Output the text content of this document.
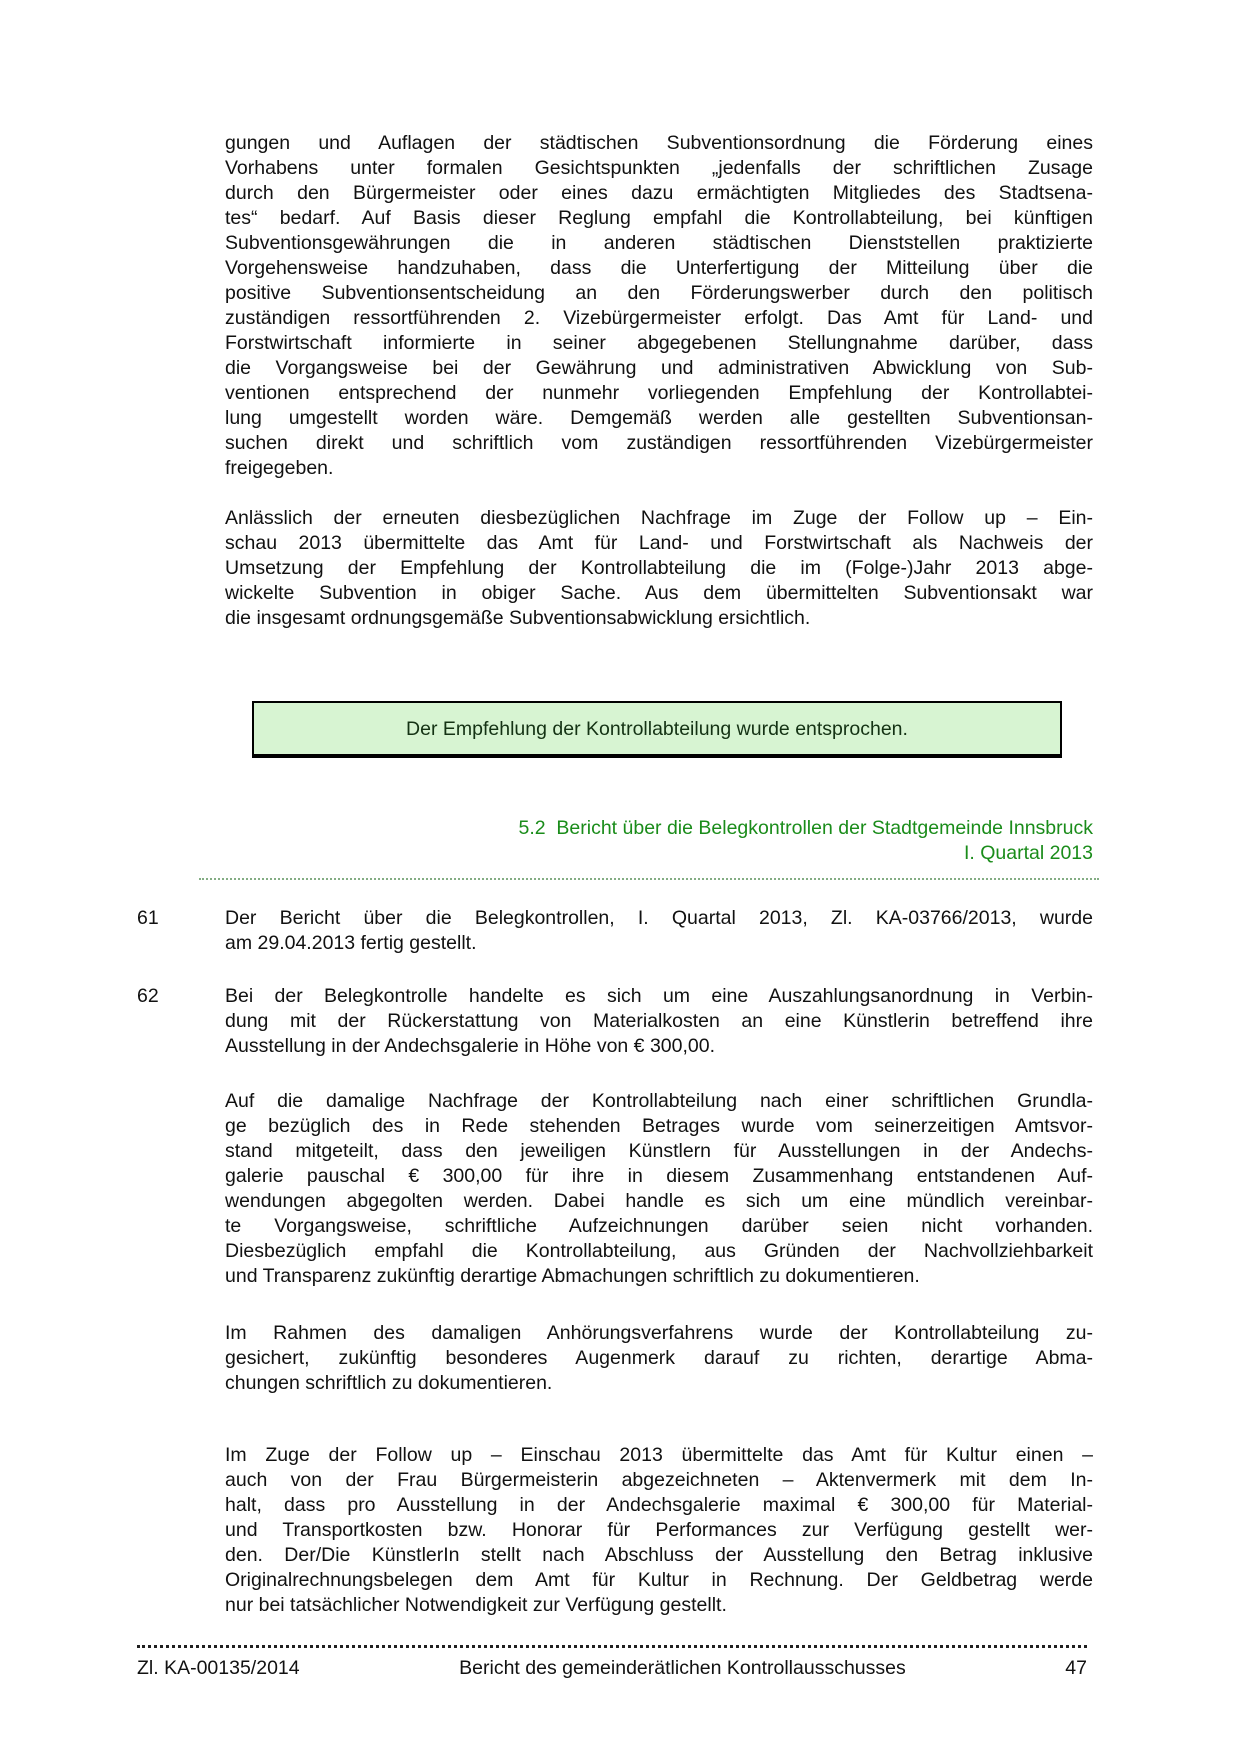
gungen und Auflagen der städtischen Subventionsordnung die Förderung eines
Vorhabens unter formalen Gesichtspunkten „jedenfalls der schriftlichen Zusage
durch den Bürgermeister oder eines dazu ermächtigten Mitgliedes des Stadtsena-
tes“ bedarf. Auf Basis dieser Reglung empfahl die Kontrollabteilung, bei künftigen
Subventionsgewährungen die in anderen städtischen Dienststellen praktizierte
Vorgehensweise handzuhaben, dass die Unterfertigung der Mitteilung über die
positive Subventionsentscheidung an den Förderungswerber durch den politisch
zuständigen ressortführenden 2. Vizebürgermeister erfolgt. Das Amt für Land- und
Forstwirtschaft informierte in seiner abgegebenen Stellungnahme darüber, dass
die Vorgangsweise bei der Gewährung und administrativen Abwicklung von Sub-
ventionen entsprechend der nunmehr vorliegenden Empfehlung der Kontrollabtei-
lung umgestellt worden wäre. Demgemäß werden alle gestellten Subventionsan-
suchen direkt und schriftlich vom zuständigen ressortführenden Vizebürgermeister
freigegeben.
Anlässlich der erneuten diesbezüglichen Nachfrage im Zuge der Follow up – Ein-
schau 2013 übermittelte das Amt für Land- und Forstwirtschaft als Nachweis der
Umsetzung der Empfehlung der Kontrollabteilung die im (Folge-)Jahr 2013 abge-
wickelte Subvention in obiger Sache. Aus dem übermittelten Subventionsakt war
die insgesamt ordnungsgemäße Subventionsabwicklung ersichtlich.
Der Empfehlung der Kontrollabteilung wurde entsprochen.
5.2  Bericht über die Belegkontrollen der Stadtgemeinde Innsbruck
I. Quartal 2013
61	Der Bericht über die Belegkontrollen, I. Quartal 2013, Zl. KA-03766/2013, wurde
am 29.04.2013 fertig gestellt.
62	Bei der Belegkontrolle handelte es sich um eine Auszahlungsanordnung in Verbin-
dung mit der Rückerstattung von Materialkosten an eine Künstlerin betreffend ihre
Ausstellung in der Andechsgalerie in Höhe von € 300,00.
Auf die damalige Nachfrage der Kontrollabteilung nach einer schriftlichen Grundla-
ge bezüglich des in Rede stehenden Betrages wurde vom seinerzeitigen Amtsvor-
stand mitgeteilt, dass den jeweiligen Künstlern für Ausstellungen in der Andechs-
galerie pauschal € 300,00 für ihre in diesem Zusammenhang entstandenen Auf-
wendungen abgegolten werden. Dabei handle es sich um eine mündlich vereinbar-
te Vorgangsweise, schriftliche Aufzeichnungen darüber seien nicht vorhanden.
Diesbezüglich empfahl die Kontrollabteilung, aus Gründen der Nachvollziehbarkeit
und Transparenz zukünftig derartige Abmachungen schriftlich zu dokumentieren.
Im Rahmen des damaligen Anhörungsverfahrens wurde der Kontrollabteilung zu-
gesichert, zukünftig besonderes Augenmerk darauf zu richten, derartige Abma-
chungen schriftlich zu dokumentieren.
Im Zuge der Follow up – Einschau 2013 übermittelte das Amt für Kultur einen –
auch von der Frau Bürgermeisterin abgezeichneten – Aktenvermerk mit dem In-
halt, dass pro Ausstellung in der Andechsgalerie maximal € 300,00 für Material-
und Transportkosten bzw. Honorar für Performances zur Verfügung gestellt wer-
den. Der/Die KünstlerIn stellt nach Abschluss der Ausstellung den Betrag inklusive
Originalrechnungsbelegen dem Amt für Kultur in Rechnung. Der Geldbetrag werde
nur bei tatsächlicher Notwendigkeit zur Verfügung gestellt.
Zl. KA-00135/2014	Bericht des gemeinderätlichen Kontrollausschusses	47
